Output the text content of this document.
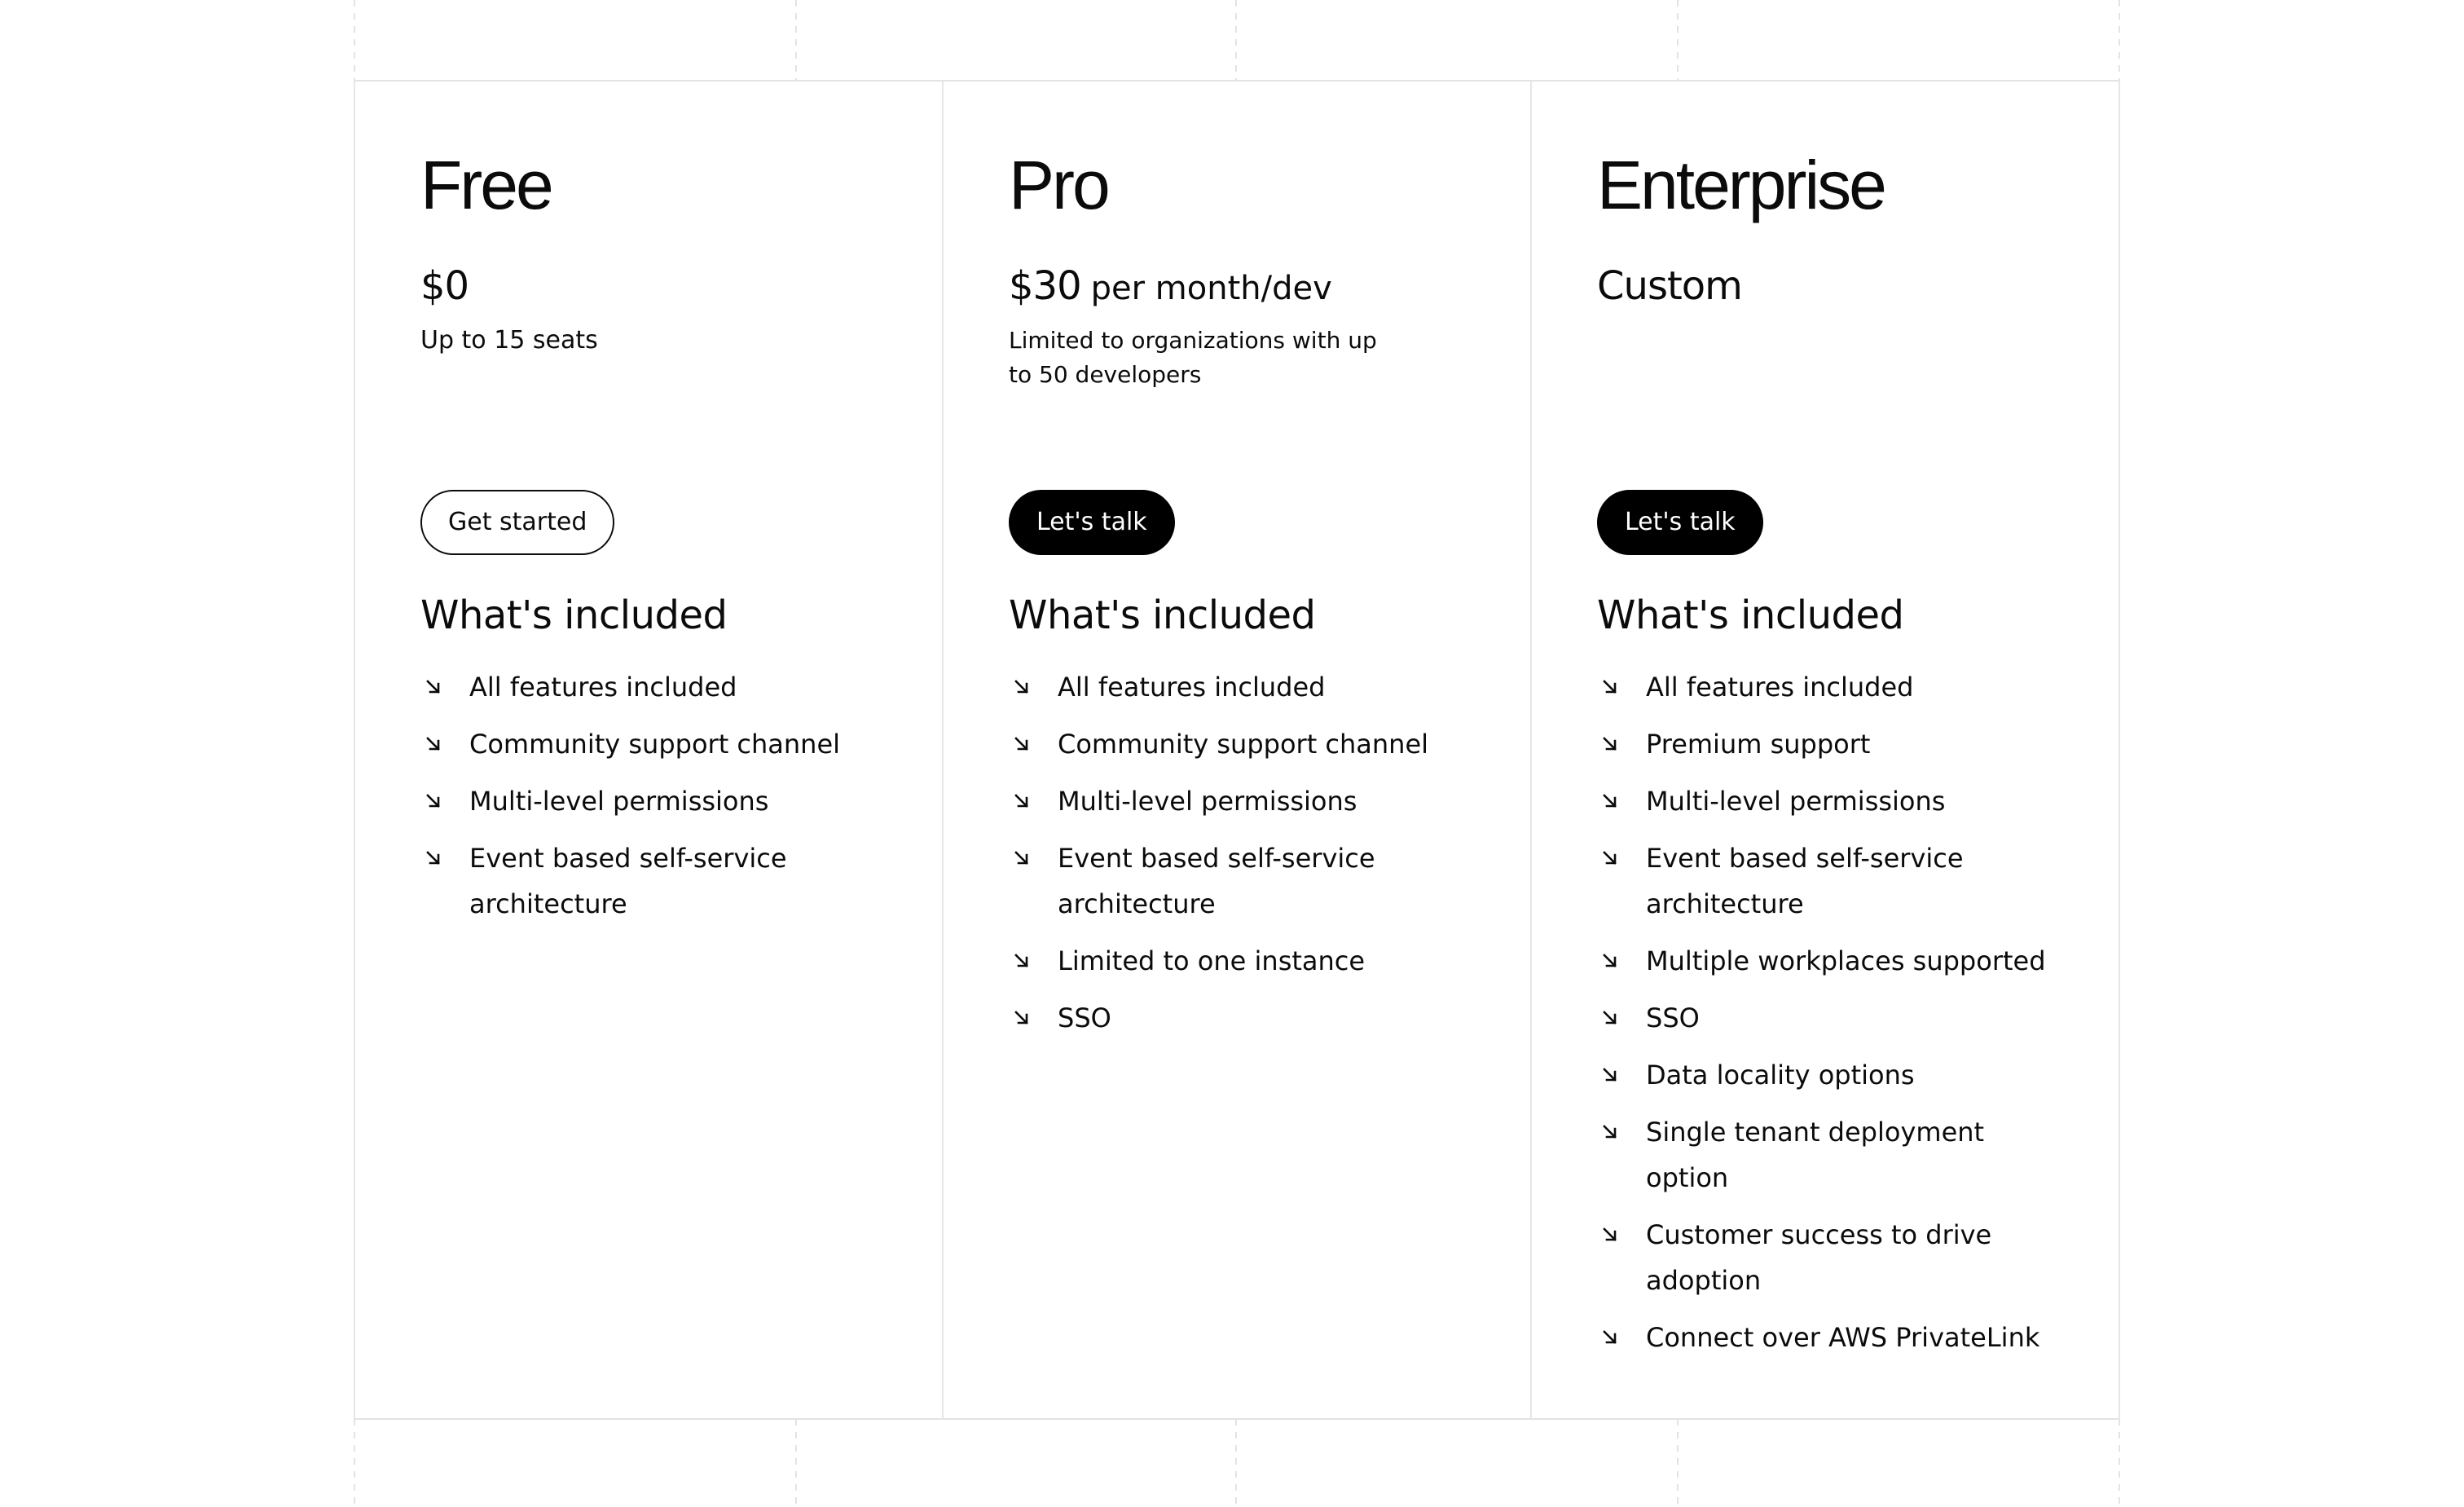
Free
$0
Up to 15 seats
Get started
What's included
All features included
Community support channel
Multi-level permissions
Event based self-service architecture
Pro
$30 per month/dev
Limited to organizations with up to 50 developers
Let's talk
What's included
All features included
Community support channel
Multi-level permissions
Event based self-service architecture
Limited to one instance
SSO
Enterprise
Custom
Let's talk
What's included
All features included
Premium support
Multi-level permissions
Event based self-service architecture
Multiple workplaces supported
SSO
Data locality options
Single tenant deployment option
Customer success to drive adoption
Connect over AWS PrivateLink
